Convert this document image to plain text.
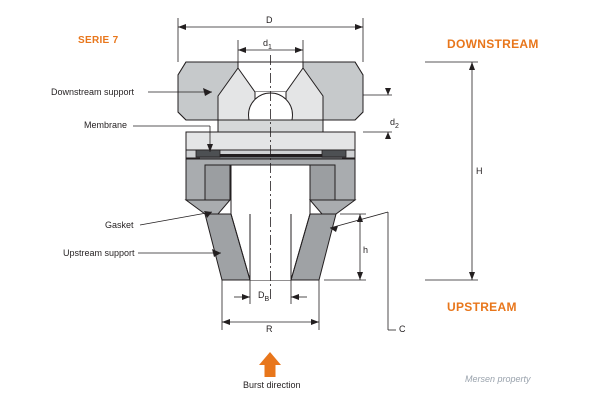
SERIE 7	DOWNSTREAM
UPSTREAM
Downstream support
Membrane
Gasket
Upstream support
D
$d_1$
$d_2$
H
h
$D_B$
R	C
Burst direction
Mersen property
